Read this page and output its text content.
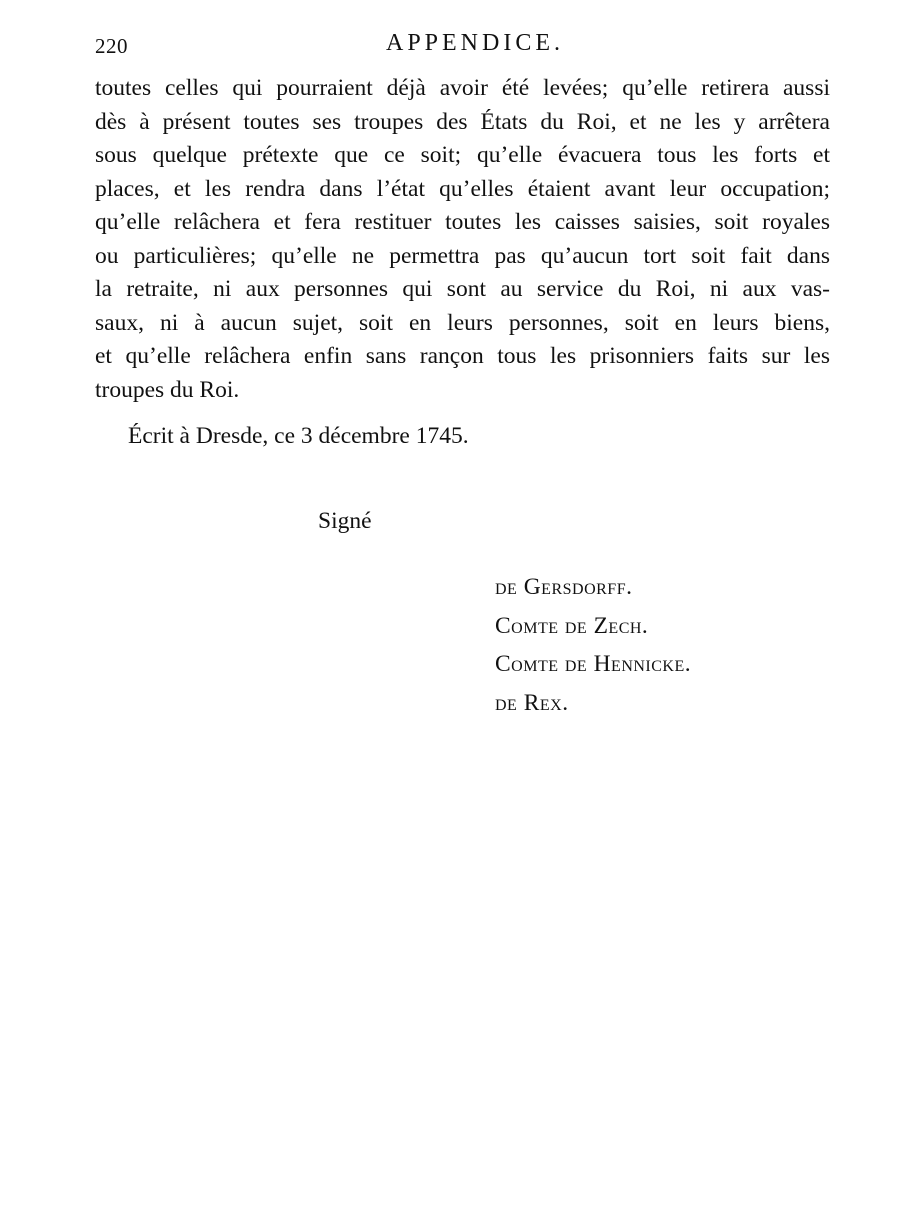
220	APPENDICE.
toutes celles qui pourraient déjà avoir été levées; qu’elle retirera aussi
dès à présent toutes ses troupes des États du Roi, et ne les y arrêtera
sous quelque prétexte que ce soit; qu’elle évacuera tous les forts et
places, et les rendra dans l’état qu’elles étaient avant leur occupation;
qu’elle relâchera et fera restituer toutes les caisses saisies, soit royales
ou particulières; qu’elle ne permettra pas qu’aucun tort soit fait dans
la retraite, ni aux personnes qui sont au service du Roi, ni aux vas-
saux, ni à aucun sujet, soit en leurs personnes, soit en leurs biens,
et qu’elle relâchera enfin sans rançon tous les prisonniers faits sur les
troupes du Roi.
Écrit à Dresde, ce 3 décembre 1745.
Signé
de Gersdorff.
Comte de Zech.
Comte de Hennicke.
de Rex.
